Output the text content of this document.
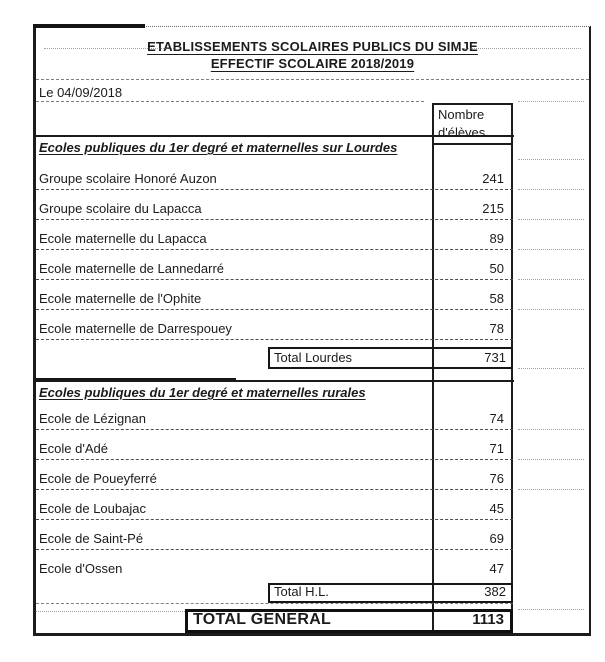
ETABLISSEMENTS SCOLAIRES PUBLICS DU SIMJE
EFFECTIF SCOLAIRE 2018/2019
Le 04/09/2018
Nombre
d'élèves
Ecoles publiques du 1er degré et maternelles sur Lourdes
Groupe scolaire Honoré Auzon	241
Groupe scolaire du Lapacca	215
Ecole maternelle du Lapacca	89
Ecole maternelle de Lannedarré	50
Ecole maternelle de l'Ophite	58
Ecole maternelle de Darrespouey	78
Total Lourdes	731
Ecoles publiques du 1er degré et maternelles rurales
Ecole de Lézignan	74
Ecole d'Adé	71
Ecole de Poueyferré	76
Ecole de Loubajac	45
Ecole de Saint-Pé	69
Ecole d'Ossen	47
Total H.L.	382
TOTAL GENERAL	1113
